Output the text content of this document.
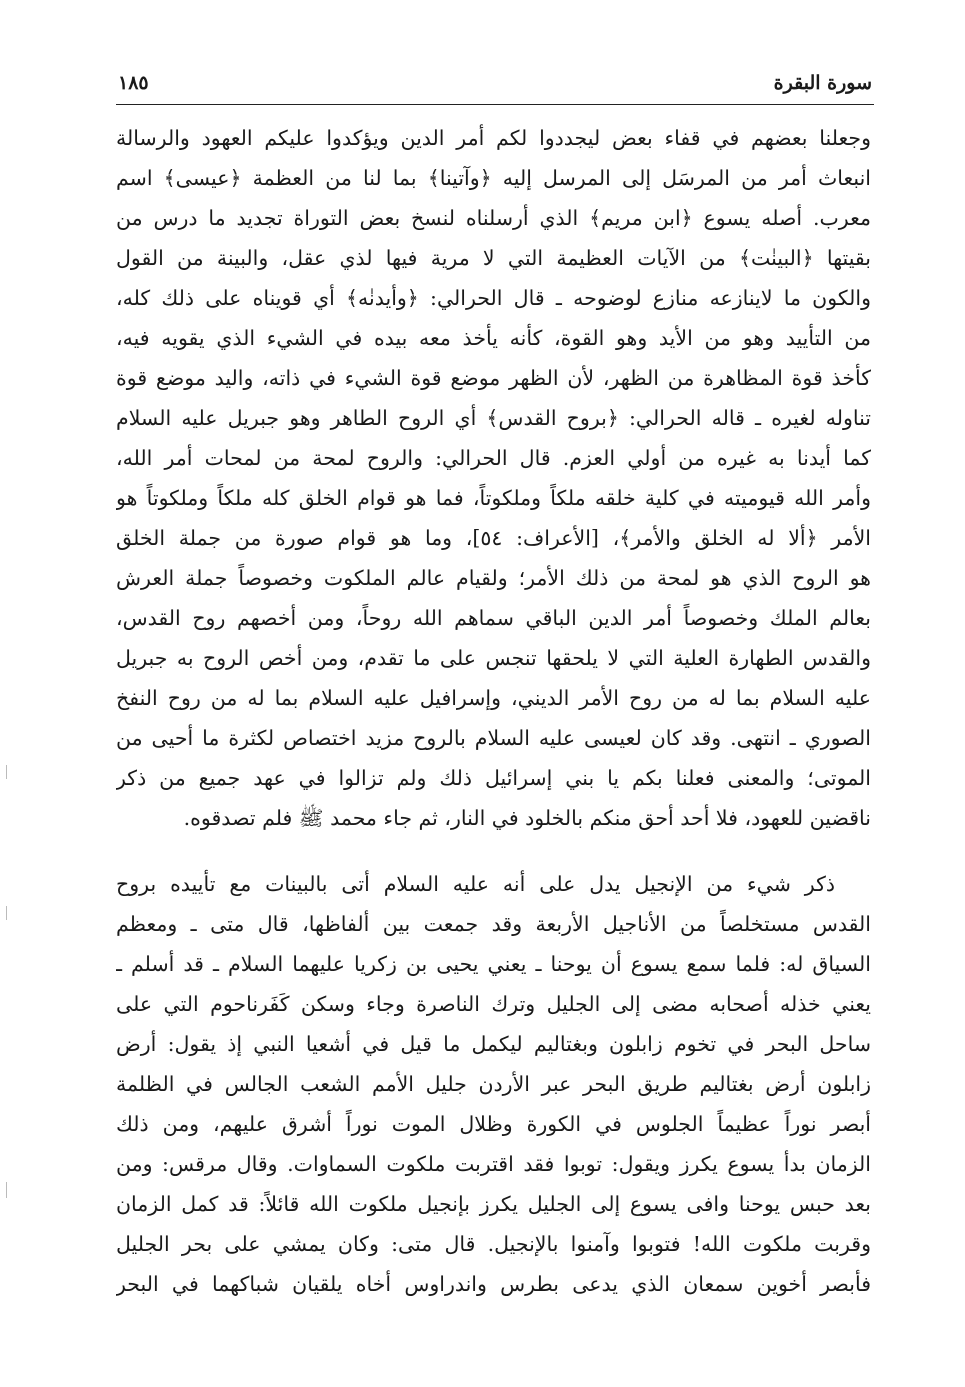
سورة البقرة
١٨٥
وجعلنا بعضهم في قفاء بعض ليجددوا لكم أمر الدين ويؤكدوا عليكم العهود والرسالة
انبعاث أمر من المرسَل إلى المرسل إليه ﴿وآتينا﴾ بما لنا من العظمة ﴿عيسى﴾ اسم
معرب. أصله يسوع ﴿ابن مريم﴾ الذي أرسلناه لنسخ بعض التوراة تجديد ما درس من
بقيتها ﴿البينٰت﴾ من الآيات العظيمة التي لا مرية فيها لذي عقل، والبينة من القول
والكون ما لاينازعه منازع لوضوحه ـ قال الحرالي: ﴿وأيدنٰه﴾ أي قويناه على ذلك كله،
من التأييد وهو من الأيد وهو القوة، كأنه يأخذ معه بيده في الشيء الذي يقويه فيه،
كأخذ قوة المظاهرة من الظهر، لأن الظهر موضع قوة الشيء في ذاته، واليد موضع قوة
تناوله لغيره ـ قاله الحرالي: ﴿بروح القدس﴾ أي الروح الطاهر وهو جبريل عليه السلام
كما أيدنا به غيره من أولي العزم. قال الحرالي: والروح لمحة من لمحات أمر الله،
وأمر الله قيوميته في كلية خلقه ملكاً وملكوتاً، فما هو قوام الخلق كله ملكاً وملكوتاً هو
الأمر ﴿ألا له الخلق والأمر﴾، [الأعراف: ٥٤]، وما هو قوام صورة من جملة الخلق
هو الروح الذي هو لمحة من ذلك الأمر؛ ولقيام عالم الملكوت وخصوصاً جملة العرش
بعالم الملك وخصوصاً أمر الدين الباقي سماهم الله روحاً، ومن أخصهم روح القدس،
والقدس الطهارة العلية التي لا يلحقها تنجس على ما تقدم، ومن أخص الروح به جبريل
عليه السلام بما له من روح الأمر الديني، وإسرافيل عليه السلام بما له من روح النفخ
الصوري ـ انتهى. وقد كان لعيسى عليه السلام بالروح مزيد اختصاص لكثرة ما أحيى من
الموتى؛ والمعنى فعلنا بكم يا بني إسرائيل ذلك ولم تزالوا في عهد جميع من ذكر
ناقضين للعهود، فلا أحد أحق منكم بالخلود في النار، ثم جاء محمد ﷺ فلم تصدقوه.
ذكر شيء من الإنجيل يدل على أنه عليه السلام أتى بالبينات مع تأييده بروح
القدس مستخلصاً من الأناجيل الأربعة وقد جمعت بين ألفاظها، قال متى ـ ومعظم
السياق له: فلما سمع يسوع أن يوحنا ـ يعني يحيى بن زكريا عليهما السلام ـ قد أسلم ـ
يعني خذله أصحابه مضى إلى الجليل وترك الناصرة وجاء وسكن كَفَرناحوم التي على
ساحل البحر في تخوم زابلون وبغتاليم ليكمل ما قيل في أشعيا النبي إذ يقول: أرض
زابلون أرض بغتاليم طريق البحر عبر الأردن جليل الأمم الشعب الجالس في الظلمة
أبصر نوراً عظيماً الجلوس في الكورة وظلال الموت نوراً أشرق عليهم، ومن ذلك
الزمان بدأ يسوع يكرز ويقول: توبوا فقد اقتربت ملكوت السماوات. وقال مرقس: ومن
بعد حبس يوحنا وافى يسوع إلى الجليل يكرز بإنجيل ملكوت الله قائلاً: قد كمل الزمان
وقربت ملكوت الله! فتوبوا وآمنوا بالإنجيل. قال متى: وكان يمشي على بحر الجليل
فأبصر أخوين سمعان الذي يدعى بطرس واندراوس أخاه يلقيان شباكهما في البحر
